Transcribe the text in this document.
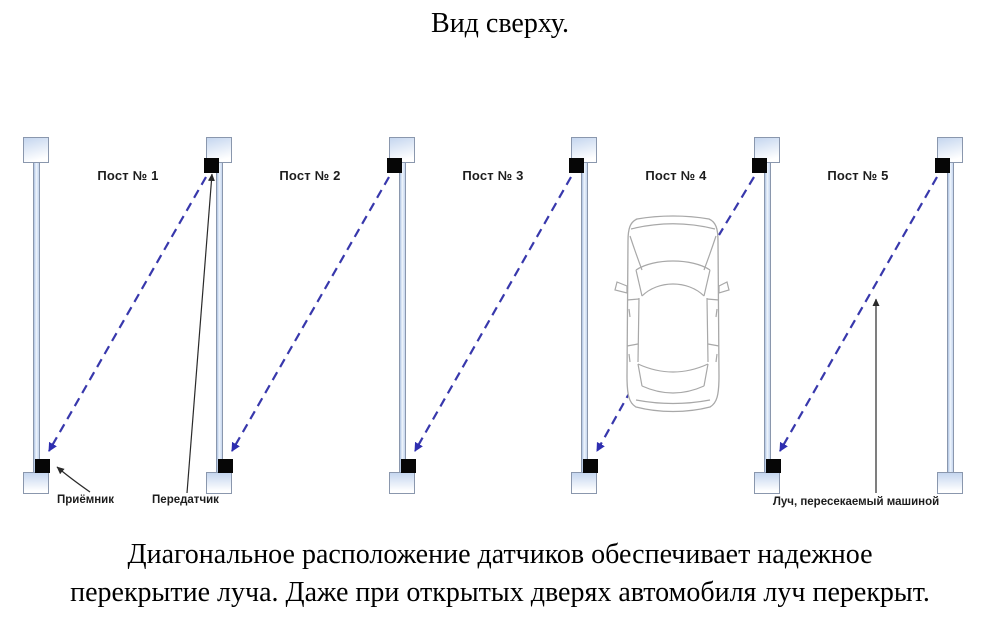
Вид сверху.
Пост № 1	Пост № 2	Пост № 3	Пост № 4	Пост № 5
Приёмник	Передатчик	Луч, пересекаемый машиной
Диагональное расположение датчиков обеспечивает надежное
перекрытие луча. Даже при открытых дверях автомобиля луч перекрыт.
